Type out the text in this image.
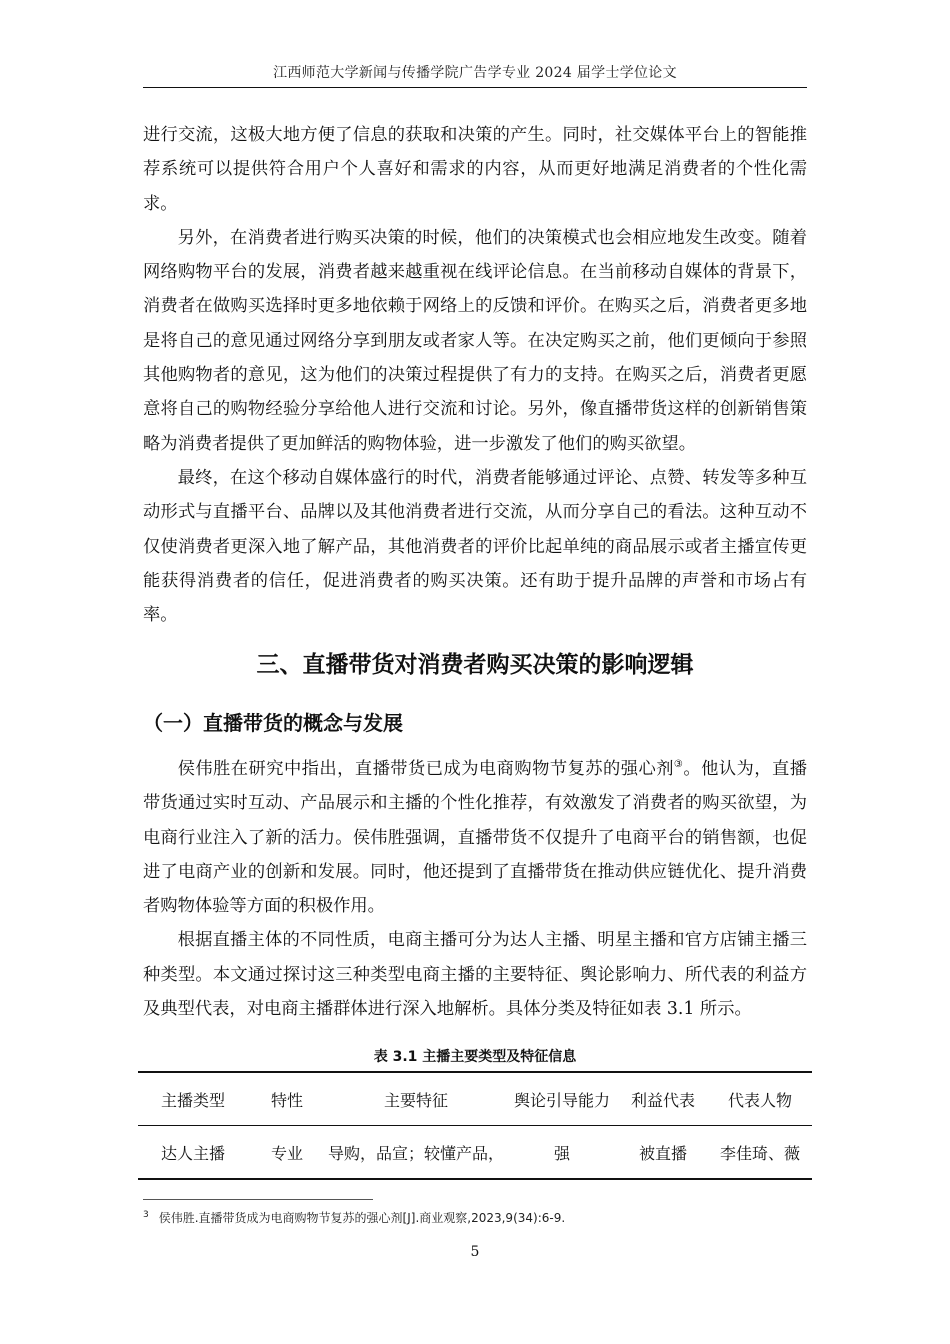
江西师范大学新闻与传播学院广告学专业 2024 届学士学位论文

进行交流，这极大地方便了信息的获取和决策的产生。同时，社交媒体平台上的智能推荐系统可以提供符合用户个人喜好和需求的内容，从而更好地满足消费者的个性化需求。

另外，在消费者进行购买决策的时候，他们的决策模式也会相应地发生改变。随着网络购物平台的发展，消费者越来越重视在线评论信息。在当前移动自媒体的背景下，消费者在做购买选择时更多地依赖于网络上的反馈和评价。在购买之后，消费者更多地是将自己的意见通过网络分享到朋友或者家人等。在决定购买之前，他们更倾向于参照其他购物者的意见，这为他们的决策过程提供了有力的支持。在购买之后，消费者更愿意将自己的购物经验分享给他人进行交流和讨论。另外，像直播带货这样的创新销售策略为消费者提供了更加鲜活的购物体验，进一步激发了他们的购买欲望。

最终，在这个移动自媒体盛行的时代，消费者能够通过评论、点赞、转发等多种互动形式与直播平台、品牌以及其他消费者进行交流，从而分享自己的看法。这种互动不仅使消费者更深入地了解产品，其他消费者的评价比起单纯的商品展示或者主播宣传更能获得消费者的信任，促进消费者的购买决策。还有助于提升品牌的声誉和市场占有率。

三、直播带货对消费者购买决策的影响逻辑
（一）直播带货的概念与发展

侯伟胜在研究中指出，直播带货已成为电商购物节复苏的强心剂③。他认为，直播带货通过实时互动、产品展示和主播的个性化推荐，有效激发了消费者的购买欲望，为电商行业注入了新的活力。侯伟胜强调，直播带货不仅提升了电商平台的销售额，也促进了电商产业的创新和发展。同时，他还提到了直播带货在推动供应链优化、提升消费者购物体验等方面的积极作用。

根据直播主体的不同性质，电商主播可分为达人主播、明星主播和官方店铺主播三种类型。本文通过探讨这三种类型电商主播的主要特征、舆论影响力、所代表的利益方及典型代表，对电商主播群体进行深入地解析。具体分类及特征如表 3.1 所示。

表 3.1 主播主要类型及特征信息
主播类型	特性	主要特征	舆论引导能力	利益代表	代表人物
达人主播	专业	导购，品宣；较懂产品，	强	被直播	李佳琦、薇
$^3$ 侯伟胜.直播带货成为电商购物节复苏的强心剂[J].商业观察,2023,9(34):6-9.
5
